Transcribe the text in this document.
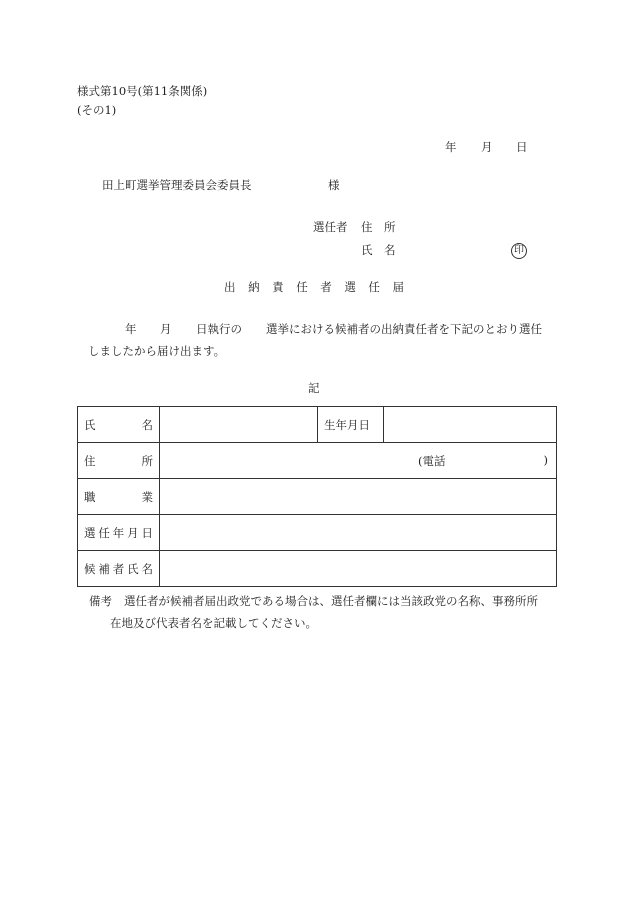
様式第10号(第11条関係)
(その1)
年 月 日
田上町選挙管理委員会委員長	様
選任者 住　所
氏　名	印
出 納 責 任 者 選 任 届
年 月 日執行の 選挙における候補者の出納責任者を下記のとおり選任
しましたから届け出ます。
記
氏 名		生年月日	

住 所	(電話 )		

職 業			

選 任 年 月 日			

候 補 者 氏 名			

備考 選任者が候補者届出政党である場合は、選任者欄には当該政党の名称、事務所所
在地及び代表者名を記載してください。
